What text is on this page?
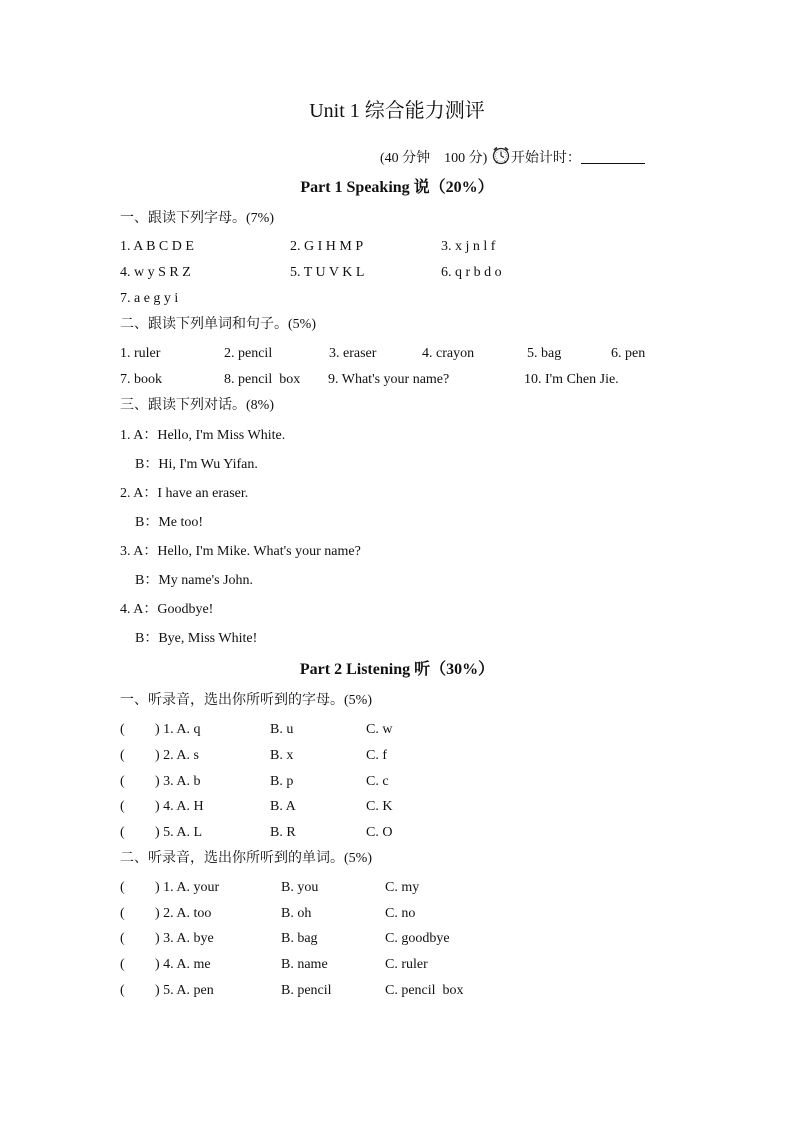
Unit 1 综合能力测评
(40 分钟　100 分) 开始计时：
Part 1 Speaking 说（20%）
一、跟读下列字母。(7%)
1. A B C D E	2. G I H M P	3. x j n l f
4. w y S R Z	5. T U V K L	6. q r b d o
7. a e g y i
二、跟读下列单词和句子。(5%)
1. ruler	2. pencil	3. eraser	4. crayon	5. bag	6. pen
7. book	8. pencil  box 9. What's your name?	10. I'm Chen Jie.
三、跟读下列对话。(8%)
1. A：Hello, I'm Miss White.
B：Hi, I'm Wu Yifan.
2. A：I have an eraser.
B：Me too!
3. A：Hello, I'm Mike. What's your name?
B：My name's John.
4. A：Goodbye!
B：Bye, Miss White!
Part 2 Listening 听（30%）
一、听录音，选出你所听到的字母。(5%)
( ) 1. A. q	B. u	C. w
( ) 2. A. s	B. x	C. f
( ) 3. A. b	B. p	C. c
( ) 4. A. H	B. A	C. K
( ) 5. A. L	B. R	C. O
二、听录音，选出你所听到的单词。(5%)
( ) 1. A. your	B. you	C. my
( ) 2. A. too	B. oh	C. no
( ) 3. A. bye	B. bag	C. goodbye
( ) 4. A. me	B. name	C. ruler
( ) 5. A. pen	B. pencil	C. pencil  box
